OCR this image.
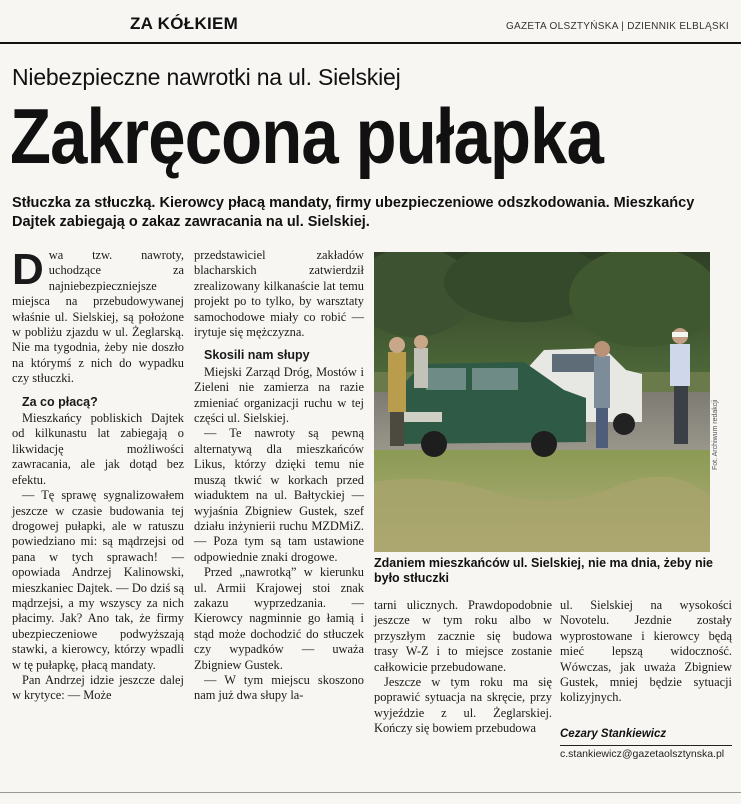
ZA KÓŁKIEM	GAZETA OLSZTYŃSKA | DZIENNIK ELBLĄSKI
Niebezpieczne nawrotki na ul. Sielskiej
Zakręcona pułapka
Stłuczka za stłuczką. Kierowcy płacą mandaty, firmy ubezpieczeniowe odszkodowania. Mieszkańcy Dajtek zabiegają o zakaz zawracania na ul. Sielskiej.
D wa tzw. nawroty, uchodzące za najniebezpieczniejsze miejsca na przebudowywanej właśnie ul. Sielskiej, są położone w pobliżu zjazdu w ul. Żeglarską. Nie ma tygodnia, żeby nie doszło na którymś z nich do wypadku czy stłuczki.

Za co płacą?

Mieszkańcy pobliskich Dajtek od kilkunastu lat zabiegają o likwidację możliwości zawracania, ale jak dotąd bez efektu.

— Tę sprawę sygnalizowałem jeszcze w czasie budowania tej drogowej pułapki, ale w ratuszu powiedziano mi: są mądrzejsi od pana w tych sprawach! — opowiada Andrzej Kalinowski, mieszkaniec Dajtek. — Do dziś są mądrzejsi, a my wszyscy za nich płacimy. Jak? Ano tak, że firmy ubezpieczeniowe podwyższają stawki, a kierowcy, którzy wpadli w tę pułapkę, płacą mandaty.

Pan Andrzej idzie jeszcze dalej w krytyce: — Może

przedstawiciel zakładów blacharskich zatwierdził zrealizowany kilkanaście lat temu projekt po to tylko, by warsztaty samochodowe miały co robić — irytuje się mężczyzna.

Skosili nam słupy

Miejski Zarząd Dróg, Mostów i Zieleni nie zamierza na razie zmieniać organizacji ruchu w tej części ul. Sielskiej.

— Te nawroty są pewną alternatywą dla mieszkańców Likus, którzy dzięki temu nie muszą tkwić w korkach przed wiaduktem na ul. Bałtyckiej — wyjaśnia Zbigniew Gustek, szef działu inżynierii ruchu MZDMiZ. — Poza tym są tam ustawione odpowiednie znaki drogowe.

Przed „nawrotką” w kierunku ul. Armii Krajowej stoi znak zakazu wyprzedzania. — Kierowcy nagminnie go łamią i stąd może dochodzić do stłuczek czy wypadków — uważa Zbigniew Gustek.

— W tym miejscu skoszono nam już dwa słupy la-

Fot. Archiwum redakcji
Zdaniem mieszkańców ul. Sielskiej, nie ma dnia, żeby nie było stłuczki

tarni ulicznych. Prawdopodobnie jeszcze w tym roku albo w przyszłym zacznie się budowa trasy W-Z i to miejsce zostanie całkowicie przebudowane.

Jeszcze w tym roku ma się poprawić sytuacja na skręcie, przy wyjeździe z ul. Żeglarskiej. Kończy się bowiem przebudowa

ul. Sielskiej na wysokości Novotelu. Jezdnie zostały wyprostowane i kierowcy będą mieć lepszą widoczność. Wówczas, jak uważa Zbigniew Gustek, mniej będzie sytuacji kolizyjnych.

Cezary Stankiewicz
c.stankiewicz@gazetaolsztynska.pl
